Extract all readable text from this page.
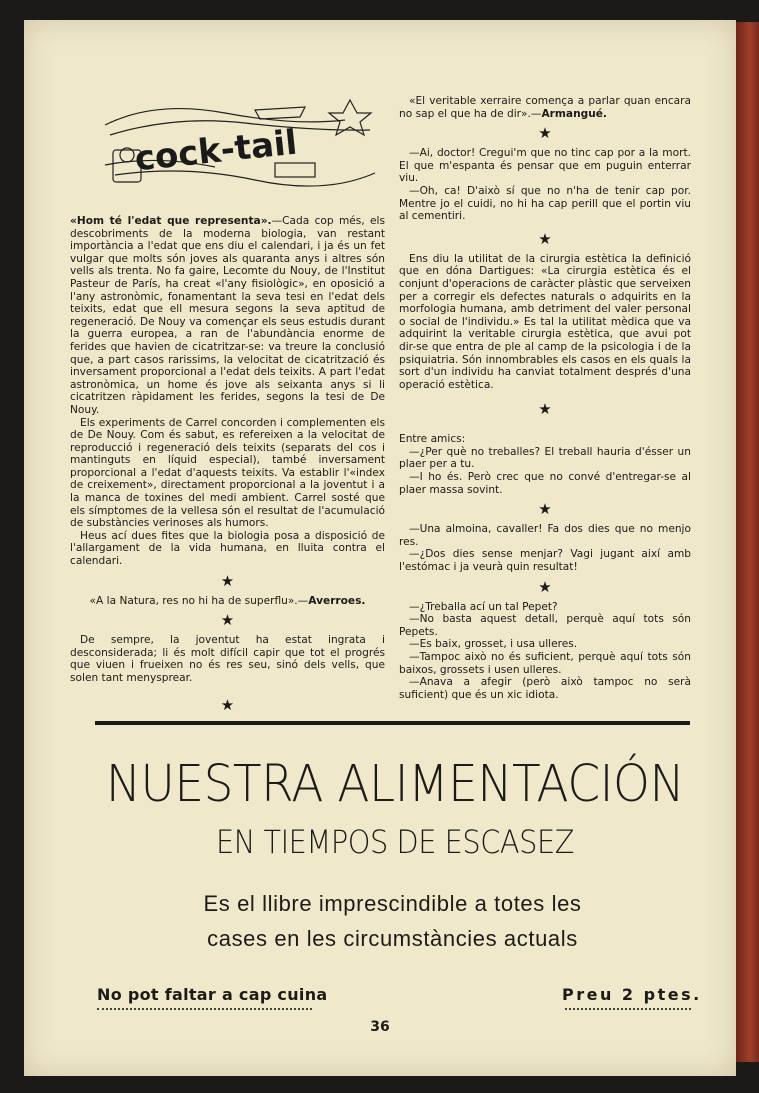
cock-tail

«Hom té l'edat que representa».—Cada cop més, els descobriments de la moderna biologia, van restant importància a l'edat que ens diu el calendari, i ja és un fet vulgar que molts són joves als quaranta anys i altres són vells als trenta. No fa gaire, Lecomte du Nouy, de l'Institut Pasteur de París, ha creat «l'any fisiològic», en oposició a l'any astronòmic, fonamentant la seva tesi en l'edat dels teixits, edat que ell mesura segons la seva aptitud de regeneració. De Nouy va començar els seus estudis durant la guerra europea, a ran de l'abundància enorme de ferides que havien de cicatritzar-se: va treure la conclusió que, a part casos rarissims, la velocitat de cicatrització és inversament proporcional a l'edat dels teixits. A part l'edat astronòmica, un home és jove als seixanta anys si li cicatritzen ràpidament les ferides, segons la tesi de De Nouy.

Els experiments de Carrel concorden i complementen els de De Nouy. Com és sabut, es refereixen a la velocitat de reproducció i regeneració dels teixits (separats del cos i mantinguts en líquid especial), també inversament proporcional a l'edat d'aquests teixits. Va establir l'«index de creixement», directament proporcional a la joventut i a la manca de toxines del medi ambient. Carrel sosté que els símptomes de la vellesa són el resultat de l'acumulació de substàncies verinoses als humors.

Heus ací dues fites que la biologia posa a disposició de l'allargament de la vida humana, en lluita contra el calendari.

★

«A la Natura, res no hi ha de superflu».—Averroes.

★

De sempre, la joventut ha estat ingrata i desconsiderada; li és molt difícil capir que tot el progrés que viuen i frueixen no és res seu, sinó dels vells, que solen tant menysprear.

★

«El veritable xerraire comença a parlar quan encara no sap el que ha de dir».—Armangué.

★

—Ai, doctor! Cregui'm que no tinc cap por a la mort. El que m'espanta és pensar que em puguin enterrar viu.

—Oh, ca! D'això sí que no n'ha de tenir cap por. Mentre jo el cuidi, no hi ha cap perill que el portin viu al cementiri.

★

Ens diu la utilitat de la cirurgia estètica la definició que en dóna Dartigues: «La cirurgia estètica és el conjunt d'operacions de caràcter plàstic que serveixen per a corregir els defectes naturals o adquirits en la morfologia humana, amb detriment del valer personal o social de l'individu.» Es tal la utilitat mèdica que va adquirint la veritable cirurgia estètica, que avui pot dir-se que entra de ple al camp de la psicologia i de la psiquiatria. Són innombrables els casos en els quals la sort d'un individu ha canviat totalment després d'una operació estètica.

★

Entre amics:

—¿Per què no treballes? El treball hauria d'ésser un plaer per a tu.

—I ho és. Però crec que no convé d'entregar-se al plaer massa sovint.

★

—Una almoina, cavaller! Fa dos dies que no menjo res.

—¿Dos dies sense menjar? Vagi jugant així amb l'estómac i ja veurà quin resultat!

★

—¿Treballa ací un tal Pepet?

—No basta aquest detall, perquè aquí tots són Pepets.

—Es baix, grosset, i usa ulleres.

—Tampoc això no és suficient, perquè aquí tots són baixos, grossets i usen ulleres.

—Anava a afegir (però això tampoc no serà suficient) que és un xic idiota.

NUESTRA ALIMENTACIÓN
EN TIEMPOS DE ESCASEZ
Es el llibre imprescindible a totes les
cases en les circumstàncies actuals
No pot faltar a cap cuina	Preu 2 ptes.
36
